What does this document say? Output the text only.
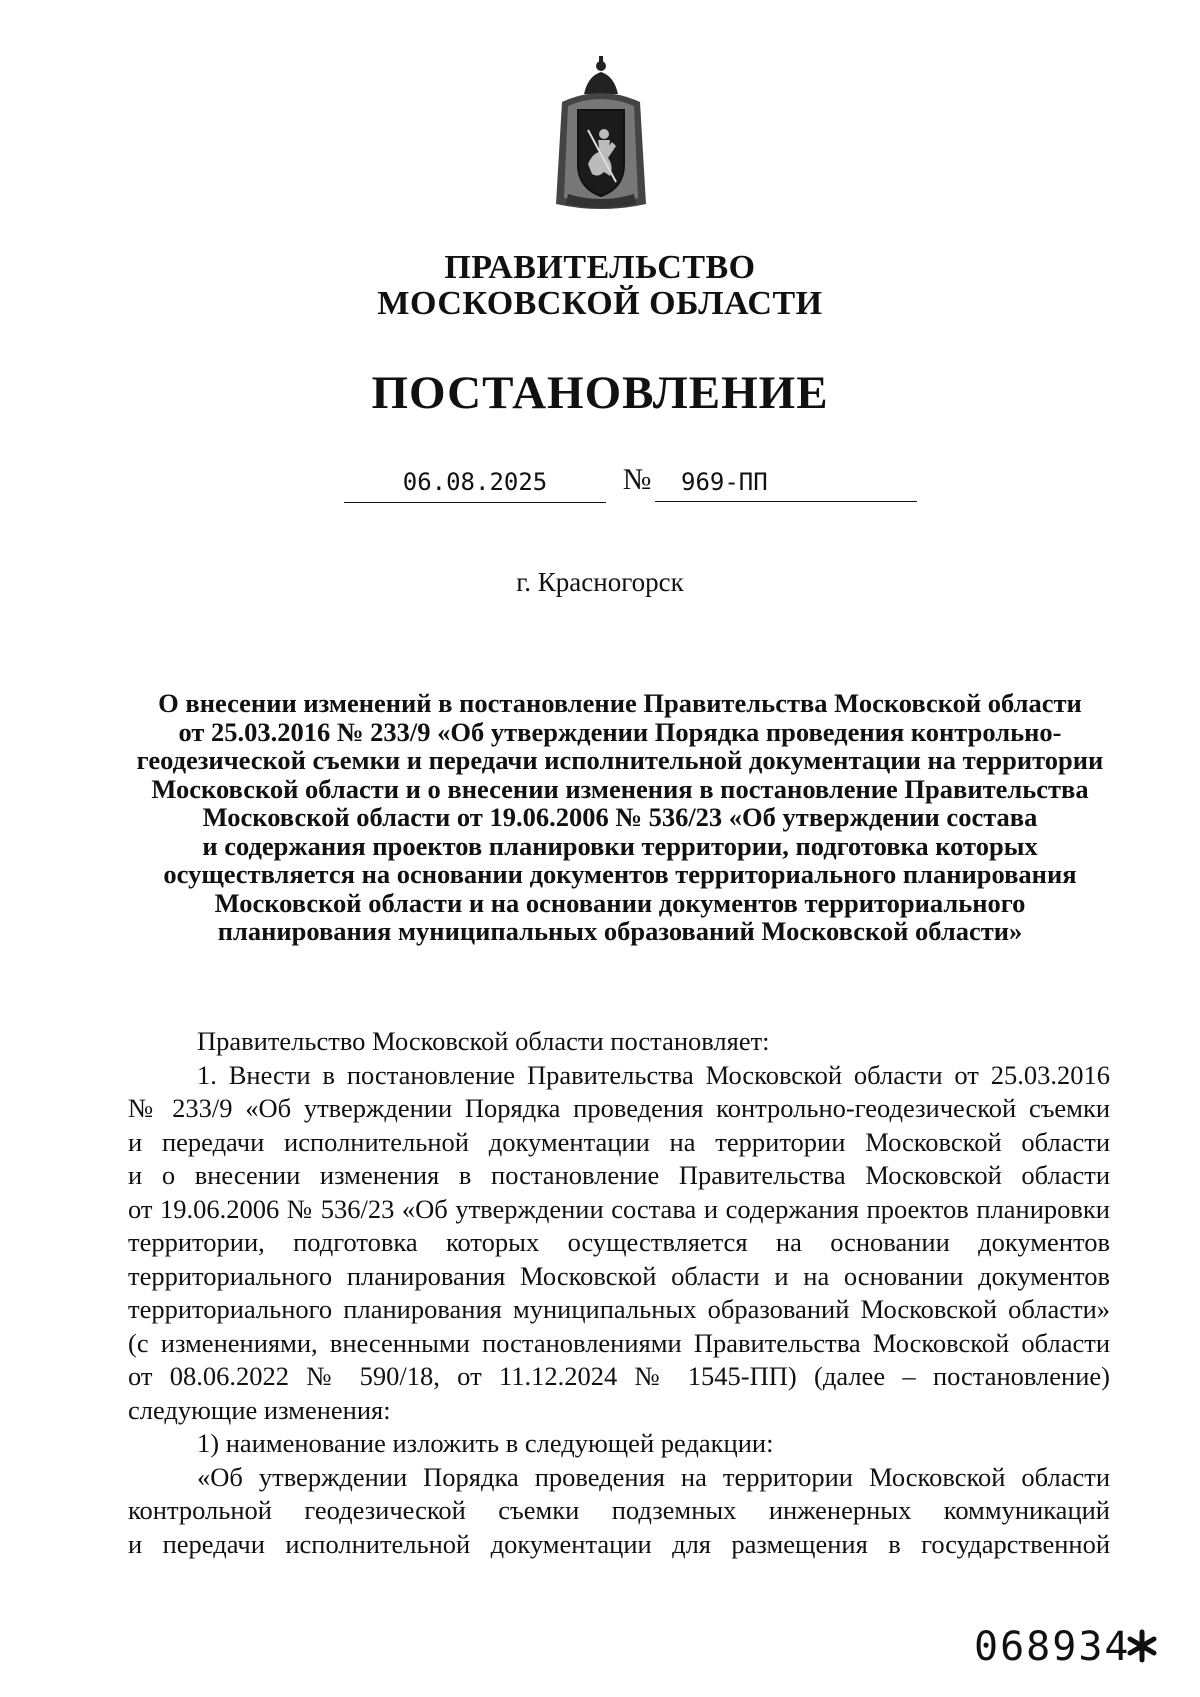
ПРАВИТЕЛЬСТВО
МОСКОВСКОЙ ОБЛАСТИ
ПОСТАНОВЛЕНИЕ
06.08.2025	№	969-ПП
г. Красногорск
О внесении изменений в постановление Правительства Московской области
от 25.03.2016 № 233/9 «Об утверждении Порядка проведения контрольно-
геодезической съемки и передачи исполнительной документации на территории
Московской области и о внесении изменения в постановление Правительства
Московской области от 19.06.2006 № 536/23 «Об утверждении состава
и содержания проектов планировки территории, подготовка которых
осуществляется на основании документов территориального планирования
Московской области и на основании документов территориального
планирования муниципальных образований Московской области»
Правительство Московской области постановляет:
1. Внести в постановление Правительства Московской области от 25.03.2016
№ 233/9 «Об утверждении Порядка проведения контрольно-геодезической съемки
и передачи исполнительной документации на территории Московской области
и о внесении изменения в постановление Правительства Московской области
от 19.06.2006 № 536/23 «Об утверждении состава и содержания проектов планировки
территории, подготовка которых осуществляется на основании документов
территориального планирования Московской области и на основании документов
территориального планирования муниципальных образований Московской области»
(с изменениями, внесенными постановлениями Правительства Московской области
от 08.06.2022 № 590/18, от 11.12.2024 № 1545-ПП) (далее – постановление)
следующие изменения:
1) наименование изложить в следующей редакции:
«Об утверждении Порядка проведения на территории Московской области
контрольной геодезической съемки подземных инженерных коммуникаций
и передачи исполнительной документации для размещения в государственной
068934
